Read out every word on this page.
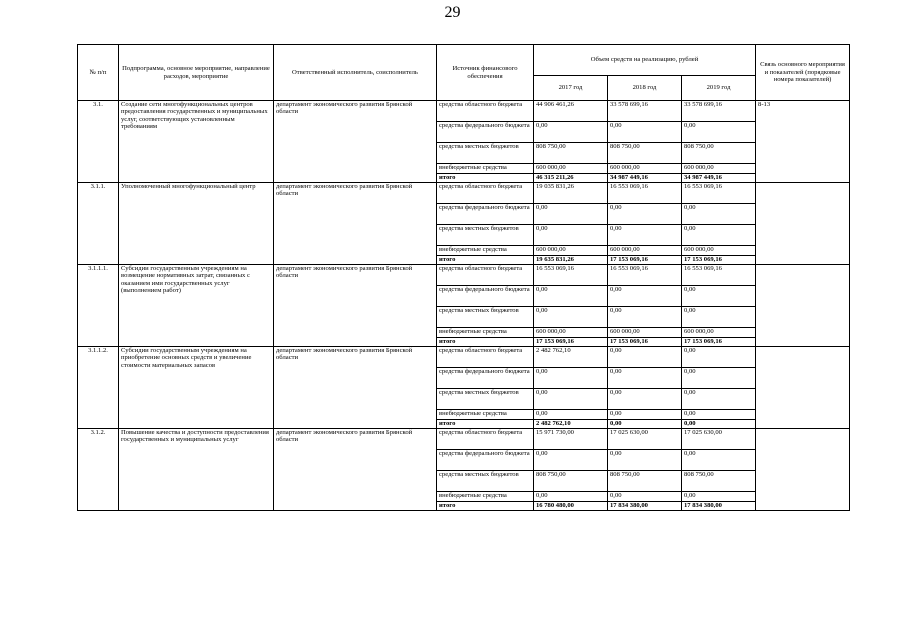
29
№ п/п	Подпрограмма, основное мероприятие, направление расходов, мероприятие	Ответственный исполнитель, соисполнитель	Источник финансового обеспечения	Объем средств на реализацию, рублей			Связь основного мероприятия и показателей (порядковые номера показателей)
				2017 год	2018 год	2019 год	
3.1.	Создание сети многофункциональных центров предоставления государственных и муниципальных услуг, соответствующих установленным требованиям	департамент экономического развития Брянской области	средства областного бюджета	44 906 461,26	33 578 699,16	33 578 699,16	8-13
			средства федерального бюджета	0,00	0,00	0,00	
			средства местных бюджетов	808 750,00	808 750,00	808 750,00	
			внебюджетные средства	600 000,00	600 000,00	600 000,00	
			итого	46 315 211,26	34 987 449,16	34 987 449,16	
3.1.1.	Уполномоченный многофункциональный центр	департамент экономического развития Брянской области	средства областного бюджета	19 035 831,26	16 553 069,16	16 553 069,16	
			средства федерального бюджета	0,00	0,00	0,00	
			средства местных бюджетов	0,00	0,00	0,00	
			внебюджетные средства	600 000,00	600 000,00	600 000,00	
			итого	19 635 831,26	17 153 069,16	17 153 069,16	
3.1.1.1.	Субсидии государственным учреждениям на возмещение нормативных затрат, связанных с оказанием ими государственных услуг (выполнением работ)	департамент экономического развития Брянской области	средства областного бюджета	16 553 069,16	16 553 069,16	16 553 069,16	
			средства федерального бюджета	0,00	0,00	0,00	
			средства местных бюджетов	0,00	0,00	0,00	
			внебюджетные средства	600 000,00	600 000,00	600 000,00	
			итого	17 153 069,16	17 153 069,16	17 153 069,16	
3.1.1.2.	Субсидии государственным учреждениям на приобретение основных средств и увеличение стоимости материальных запасов	департамент экономического развития Брянской области	средства областного бюджета	2 482 762,10	0,00	0,00	
			средства федерального бюджета	0,00	0,00	0,00	
			средства местных бюджетов	0,00	0,00	0,00	
			внебюджетные средства	0,00	0,00	0,00	
			итого	2 482 762,10	0,00	0,00	
3.1.2.	Повышение качества и доступности предоставления государственных и муниципальных услуг	департамент экономического развития Брянской области	средства областного бюджета	15 971 730,00	17 025 630,00	17 025 630,00	
			средства федерального бюджета	0,00	0,00	0,00	
			средства местных бюджетов	808 750,00	808 750,00	808 750,00	
			внебюджетные средства	0,00	0,00	0,00	
			итого	16 780 480,00	17 834 380,00	17 834 380,00	
